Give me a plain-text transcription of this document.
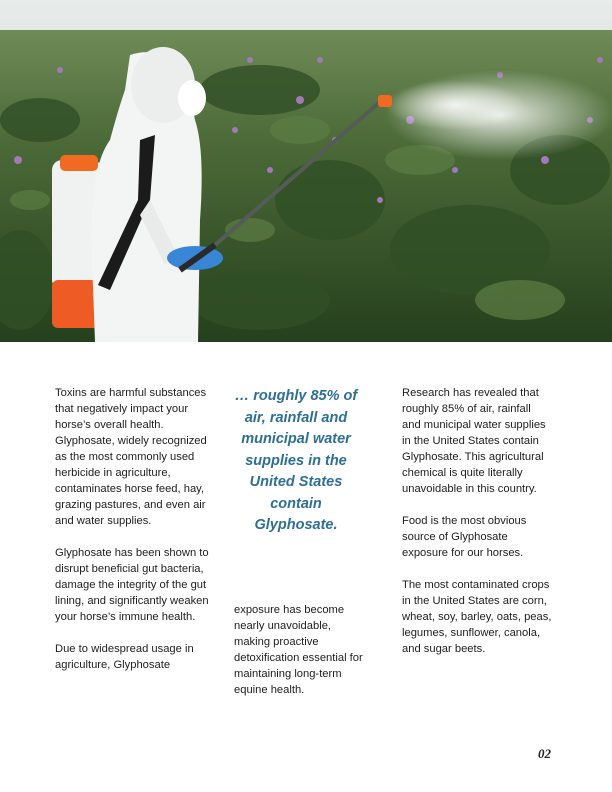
Toxins are harmful substances that negatively impact your horse’s overall health. Glyphosate, widely recognized as the most commonly used herbicide in agriculture, contaminates horse feed, hay, grazing pastures, and even air and water supplies.

Glyphosate has been shown to disrupt beneficial gut bacteria, damage the integrity of the gut lining, and significantly weaken your horse’s immune health.

Due to widespread usage in agriculture, Glyphosate

… roughly 85% of air, rainfall and municipal water supplies in the United States contain Glyphosate.

exposure has become nearly unavoidable, making proactive detoxification essential for maintaining long-term equine health.

Research has revealed that roughly 85% of air, rainfall and municipal water supplies in the United States contain Glyphosate. This agricultural chemical is quite literally unavoidable in this country.

Food is the most obvious source of Glyphosate exposure for our horses.

The most contaminated crops in the United States are corn, wheat, soy, barley, oats, peas, legumes, sunflower, canola, and sugar beets.

02
